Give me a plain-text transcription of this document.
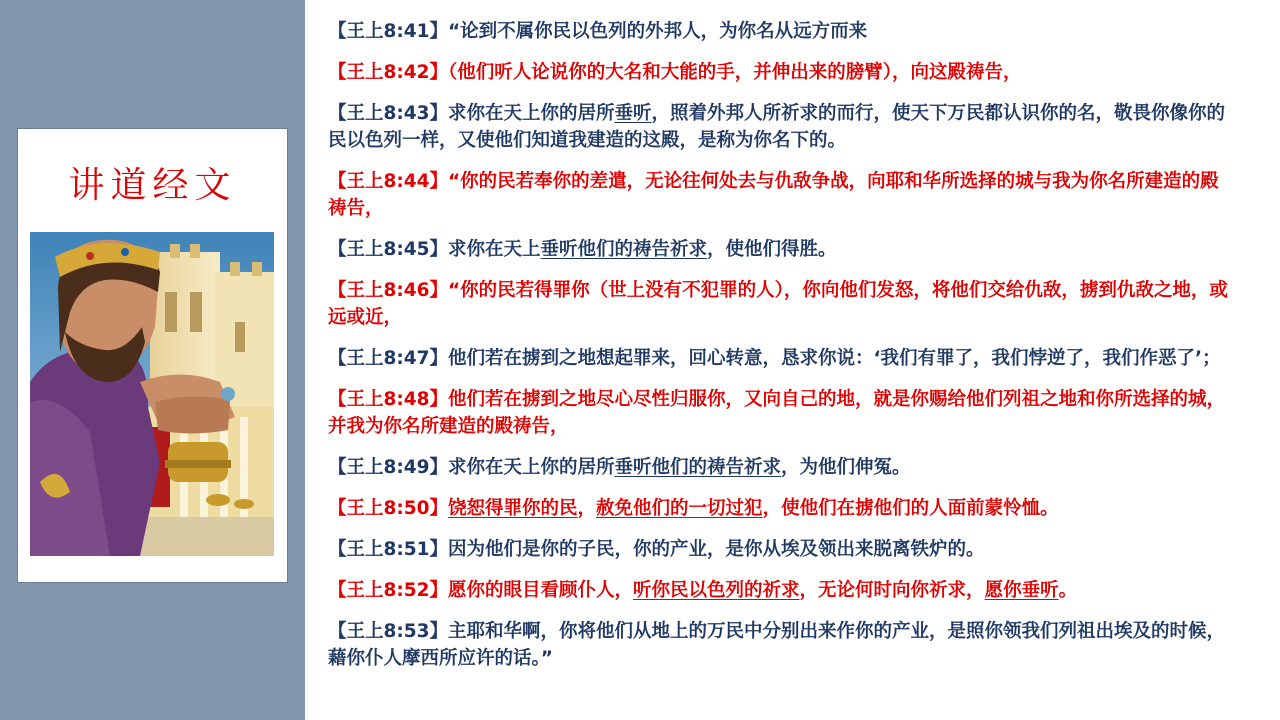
讲道经文
【王上8:41】“论到不属你民以色列的外邦人，为你名从远方而来
【王上8:42】（他们听人论说你的大名和大能的手，并伸出来的膀臂），向这殿祷告，
【王上8:43】求你在天上你的居所垂听，照着外邦人所祈求的而行，使天下万民都认识你的名，敬畏你像你的民以色列一样，又使他们知道我建造的这殿，是称为你名下的。
【王上8:44】“你的民若奉你的差遣，无论往何处去与仇敌争战，向耶和华所选择的城与我为你名所建造的殿祷告，
【王上8:45】求你在天上垂听他们的祷告祈求，使他们得胜。
【王上8:46】“你的民若得罪你（世上没有不犯罪的人），你向他们发怒，将他们交给仇敌，掳到仇敌之地，或远或近，
【王上8:47】他们若在掳到之地想起罪来，回心转意，恳求你说：‘我们有罪了，我们悖逆了，我们作恶了’；
【王上8:48】他们若在掳到之地尽心尽性归服你，又向自己的地，就是你赐给他们列祖之地和你所选择的城，并我为你名所建造的殿祷告，
【王上8:49】求你在天上你的居所垂听他们的祷告祈求，为他们伸冤。
【王上8:50】饶恕得罪你的民，赦免他们的一切过犯，使他们在掳他们的人面前蒙怜恤。
【王上8:51】因为他们是你的子民，你的产业，是你从埃及领出来脱离铁炉的。
【王上8:52】愿你的眼目看顾仆人，听你民以色列的祈求，无论何时向你祈求，愿你垂听。
【王上8:53】主耶和华啊，你将他们从地上的万民中分别出来作你的产业，是照你领我们列祖出埃及的时候，藉你仆人摩西所应许的话。”
